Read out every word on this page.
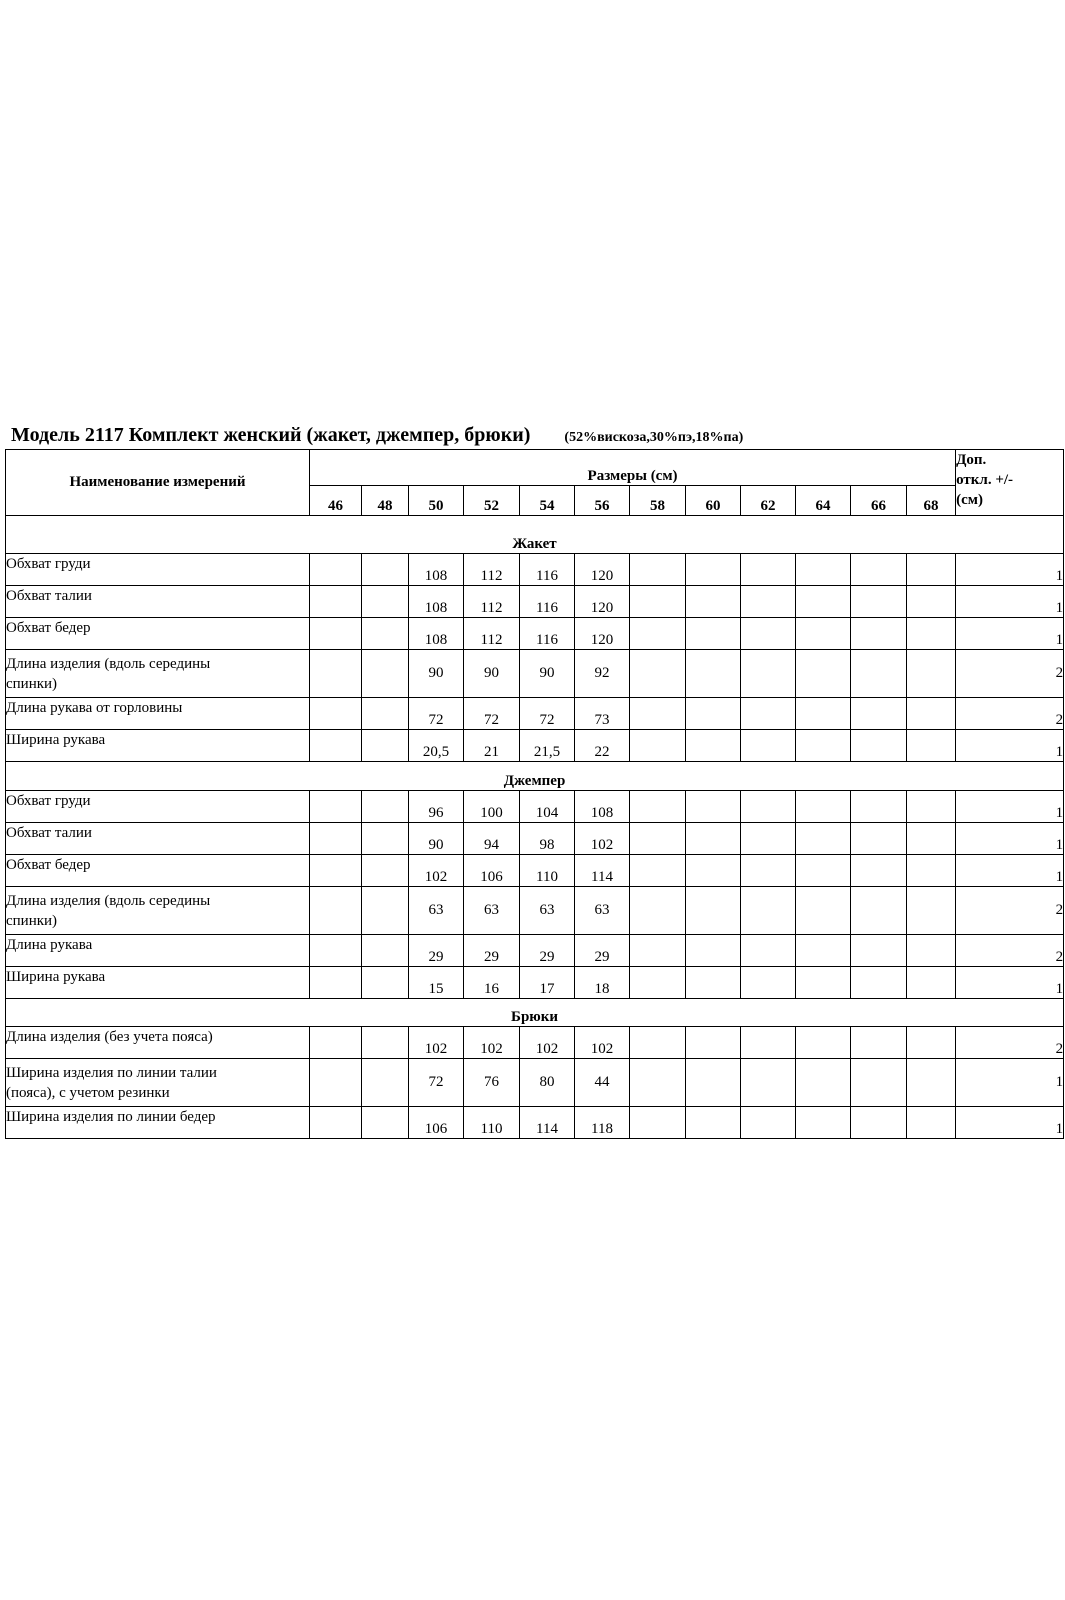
Модель 2117 Комплект женский (жакет, джемпер, брюки) (52%вискоза,30%пэ,18%па)
Наименование измерений	Размеры (см)												Доп.
откл. +/-
(см)
	46	48	50	52	54	56	58	60	62	64	66	68	
Жакет													
Обхват груди			108	112	116	120							1
Обхват талии			108	112	116	120							1
Обхват бедер			108	112	116	120							1
Длина изделия (вдоль середины
спинки)			90	90	90	92							2
Длина рукава от горловины			72	72	72	73							2
Ширина рукава			20,5	21	21,5	22							1
Джемпер													
Обхват груди			96	100	104	108							1
Обхват талии			90	94	98	102							1
Обхват бедер			102	106	110	114							1
Длина изделия (вдоль середины
спинки)			63	63	63	63							2
Длина рукава			29	29	29	29							2
Ширина рукава			15	16	17	18							1
Брюки													
Длина изделия (без учета пояса)			102	102	102	102							2
Ширина изделия по линии талии
(пояса), с учетом резинки			72	76	80	44							1
Ширина изделия по линии бедер			106	110	114	118							1
